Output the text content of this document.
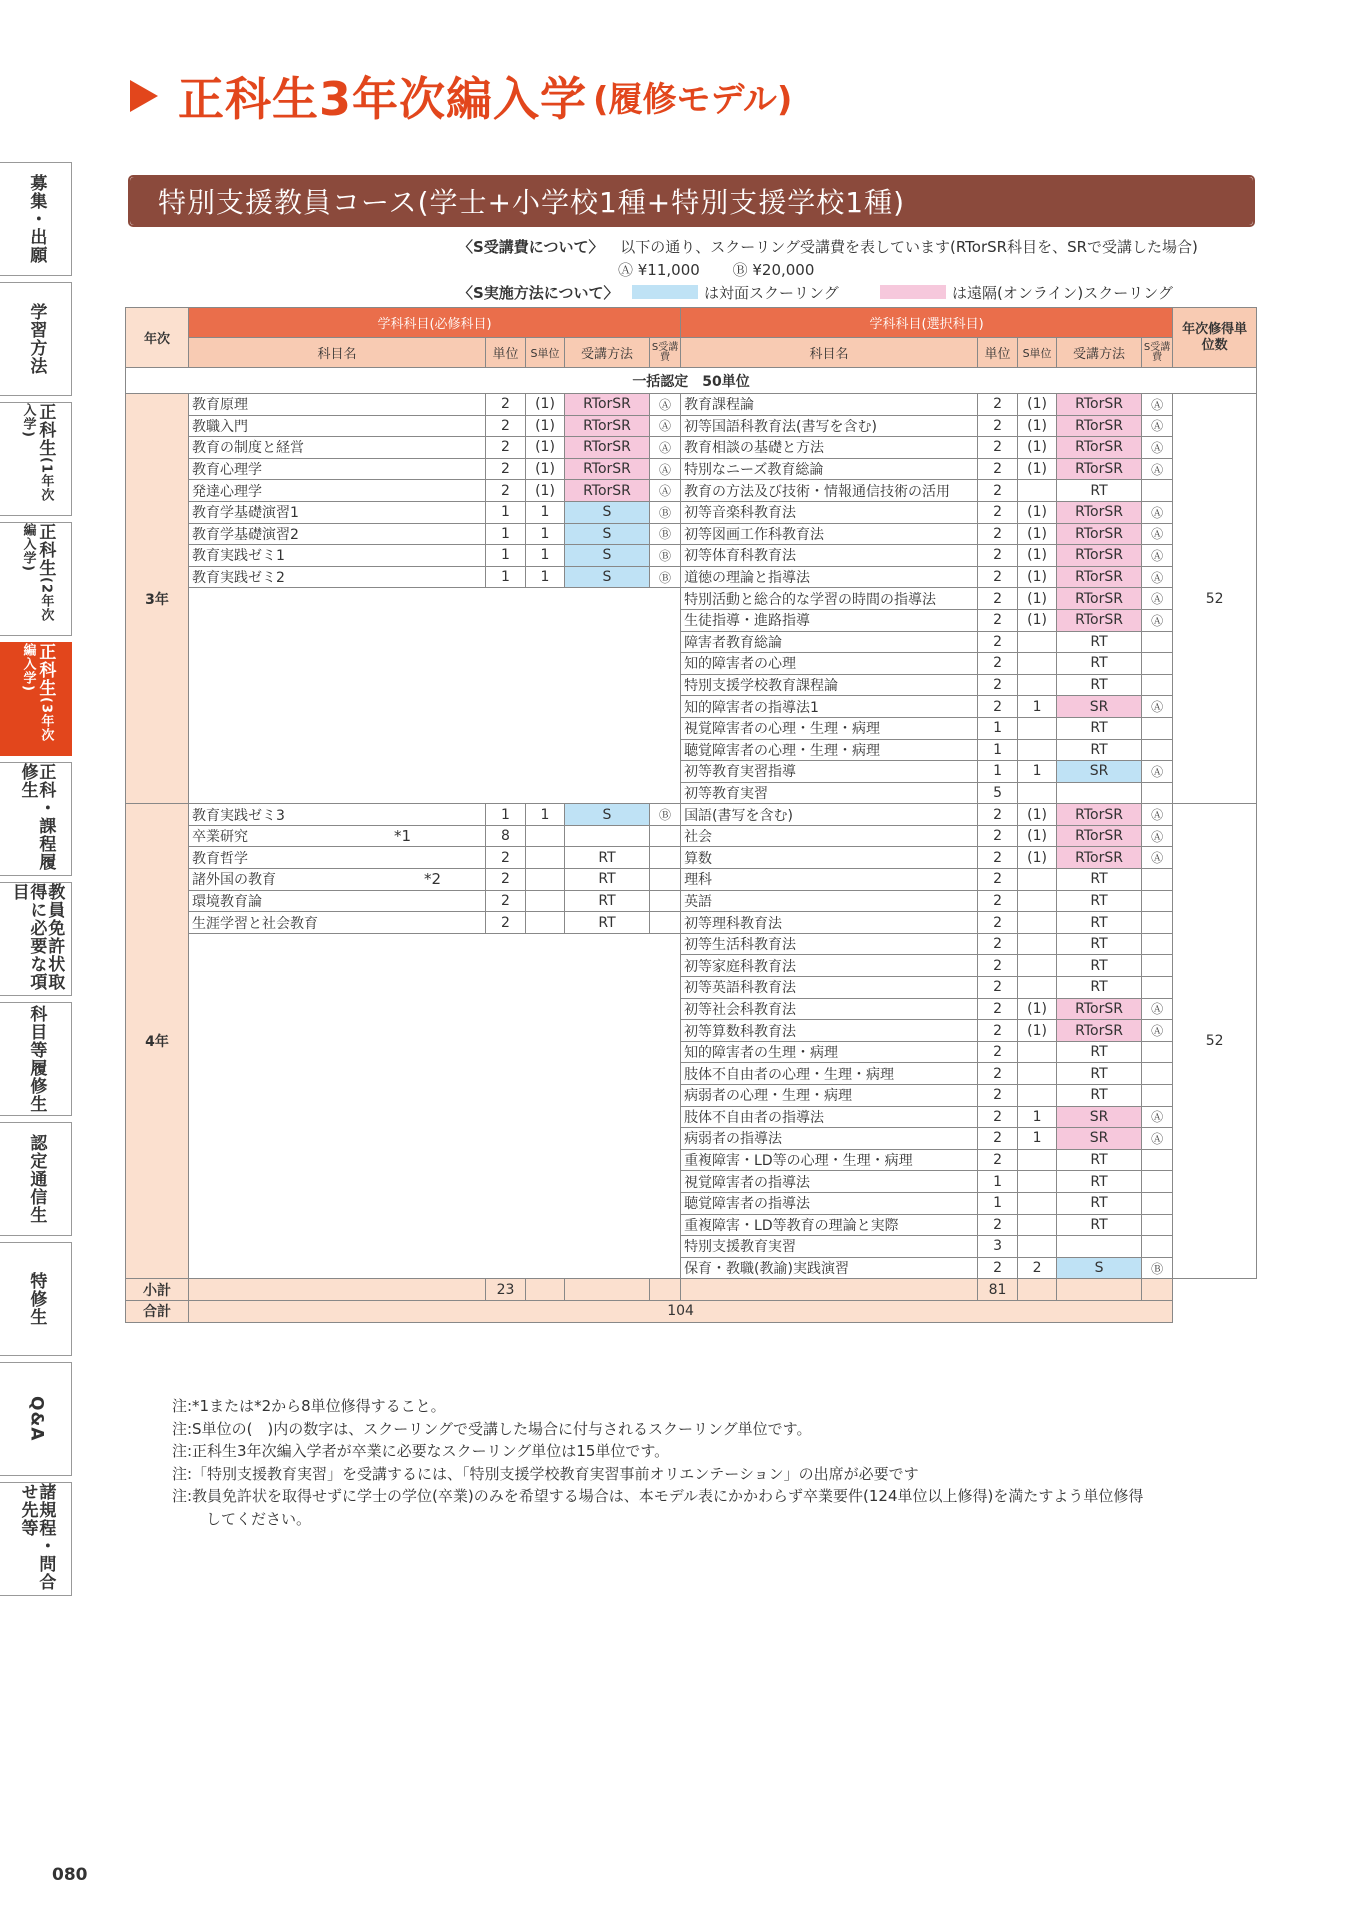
正科生3年次編入学 (履修モデル)
特別支援教員コース(学士+小学校1種+特別支援学校1種)
〈S受講費について〉 以下の通り、スクーリング受講費を表しています(RTorSR科目を、SRで受講した場合)
Ⓐ ¥11,000 Ⓑ ¥20,000
〈S実施方法について〉	は対面スクーリング	は遠隔(オンライン)スクーリング
募集・出願
学習方法
正科生(1年次入学)
正科生(2年次編入学)
正科生(3年次編入学)
正科・課程履修生
教員免許状取得に必要な項目
科目等履修生
認定通信生
特修生
Q&A
諸規程・問合せ先等
年次	学科科目(必修科目)					学科科目(選択科目)					年次修得単位数
	科目名	単位	S単位	受講方法	S受講費	科目名	単位	S単位	受講方法	S受講費	
一括認定　50単位											
3年	教育原理	2	(1)	RTorSR	Ⓐ	教育課程論	2	(1)	RTorSR	Ⓐ	52
	教職入門	2	(1)	RTorSR	Ⓐ	初等国語科教育法(書写を含む)	2	(1)	RTorSR	Ⓐ	
	教育の制度と経営	2	(1)	RTorSR	Ⓐ	教育相談の基礎と方法	2	(1)	RTorSR	Ⓐ	
	教育心理学	2	(1)	RTorSR	Ⓐ	特別なニーズ教育総論	2	(1)	RTorSR	Ⓐ	
	発達心理学	2	(1)	RTorSR	Ⓐ	教育の方法及び技術・情報通信技術の活用	2		RT		
	教育学基礎演習1	1	1	S	Ⓑ	初等音楽科教育法	2	(1)	RTorSR	Ⓐ	
	教育学基礎演習2	1	1	S	Ⓑ	初等図画工作科教育法	2	(1)	RTorSR	Ⓐ	
	教育実践ゼミ1	1	1	S	Ⓑ	初等体育科教育法	2	(1)	RTorSR	Ⓐ	
	教育実践ゼミ2	1	1	S	Ⓑ	道徳の理論と指導法	2	(1)	RTorSR	Ⓐ	
						特別活動と総合的な学習の時間の指導法	2	(1)	RTorSR	Ⓐ	
						生徒指導・進路指導	2	(1)	RTorSR	Ⓐ	
						障害者教育総論	2		RT		
						知的障害者の心理	2		RT		
						特別支援学校教育課程論	2		RT		
						知的障害者の指導法1	2	1	SR	Ⓐ	
						視覚障害者の心理・生理・病理	1		RT		
						聴覚障害者の心理・生理・病理	1		RT		
						初等教育実習指導	1	1	SR	Ⓐ	
						初等教育実習	5				
4年	教育実践ゼミ3	1	1	S	Ⓑ	国語(書写を含む)	2	(1)	RTorSR	Ⓐ	52
	卒業研究 *1	8				社会	2	(1)	RTorSR	Ⓐ	
	教育哲学	2		RT		算数	2	(1)	RTorSR	Ⓐ	
	諸外国の教育 *2	2		RT		理科	2		RT		
	環境教育論	2		RT		英語	2		RT		
	生涯学習と社会教育	2		RT		初等理科教育法	2		RT		
						初等生活科教育法	2		RT		
						初等家庭科教育法	2		RT		
						初等英語科教育法	2		RT		
						初等社会科教育法	2	(1)	RTorSR	Ⓐ	
						初等算数科教育法	2	(1)	RTorSR	Ⓐ	
						知的障害者の生理・病理	2		RT		
						肢体不自由者の心理・生理・病理	2		RT		
						病弱者の心理・生理・病理	2		RT		
						肢体不自由者の指導法	2	1	SR	Ⓐ	
						病弱者の指導法	2	1	SR	Ⓐ	
						重複障害・LD等の心理・生理・病理	2		RT		
						視覚障害者の指導法	1		RT		
						聴覚障害者の指導法	1		RT		
						重複障害・LD等教育の理論と実際	2		RT		
						特別支援教育実習	3				
						保育・教職(教諭)実践演習	2	2	S	Ⓑ	
小計		23					81				
合計	104										
注:*1または*2から8単位修得すること。
注:S単位の(　)内の数字は、スクーリングで受講した場合に付与されるスクーリング単位です。
注:正科生3年次編入学者が卒業に必要なスクーリング単位は15単位です。
注:「特別支援教育実習」を受講するには、「特別支援学校教育実習事前オリエンテーション」の出席が必要です
注:教員免許状を取得せずに学士の学位(卒業)のみを希望する場合は、本モデル表にかかわらず卒業要件(124単位以上修得)を満たすよう単位修得
してください。
080
